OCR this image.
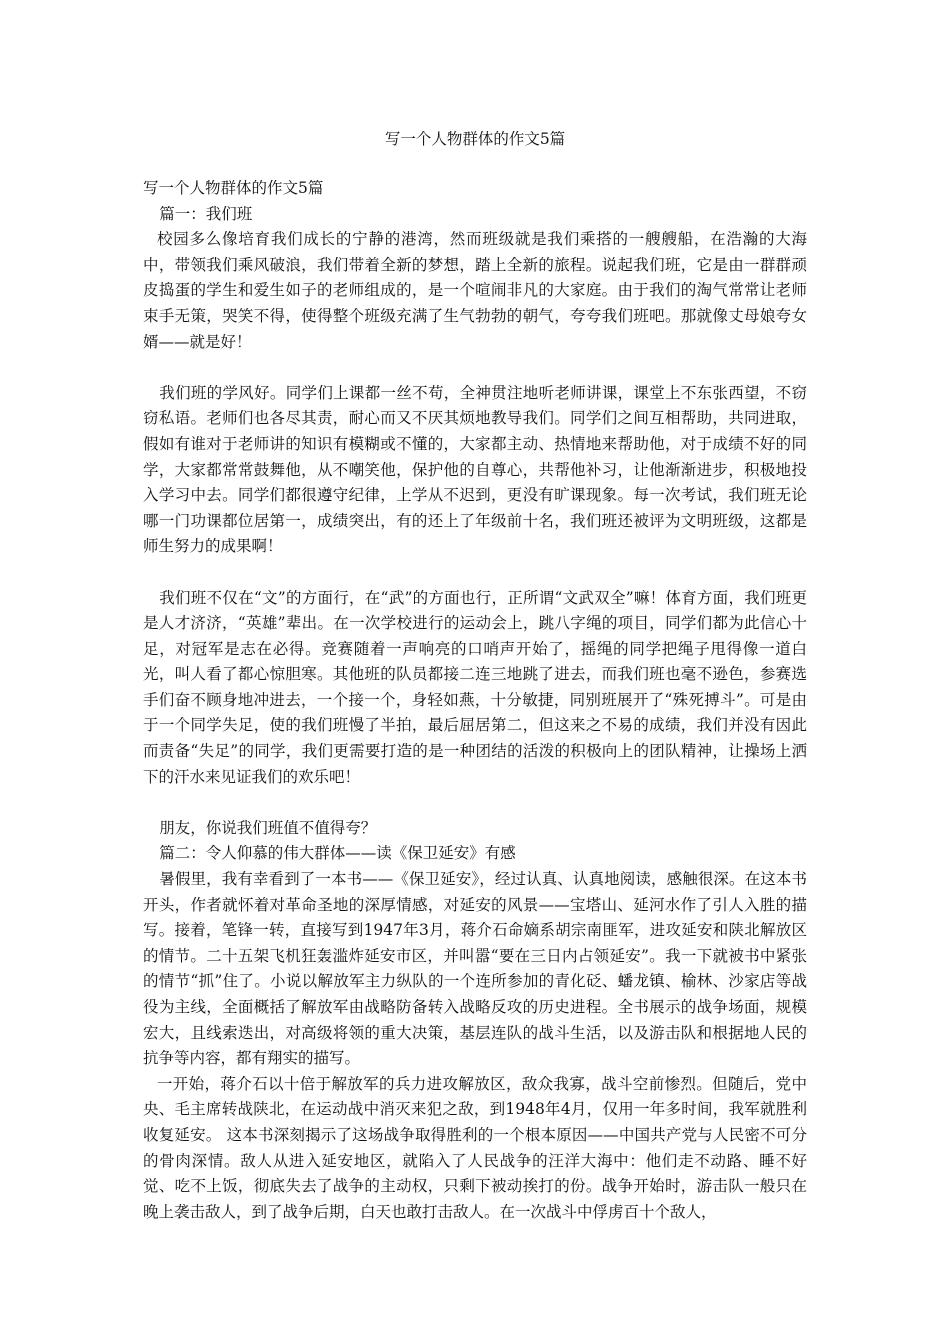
写一个人物群体的作文5篇

写一个人物群体的作文5篇

篇一：我们班

校园多么像培育我们成长的宁静的港湾，然而班级就是我们乘搭的一艘艘船，在浩瀚的大海中，带领我们乘风破浪，我们带着全新的梦想，踏上全新的旅程。说起我们班，它是由一群群顽皮捣蛋的学生和爱生如子的老师组成的，是一个喧闹非凡的大家庭。由于我们的淘气常常让老师束手无策，哭笑不得，使得整个班级充满了生气勃勃的朝气，夸夸我们班吧。那就像丈母娘夸女婿——就是好！

我们班的学风好。同学们上课都一丝不苟，全神贯注地听老师讲课，课堂上不东张西望，不窃窃私语。老师们也各尽其责，耐心而又不厌其烦地教导我们。同学们之间互相帮助，共同进取，假如有谁对于老师讲的知识有模糊或不懂的，大家都主动、热情地来帮助他，对于成绩不好的同学，大家都常常鼓舞他，从不嘲笑他，保护他的自尊心，共帮他补习，让他渐渐进步，积极地投入学习中去。同学们都很遵守纪律，上学从不迟到，更没有旷课现象。每一次考试，我们班无论哪一门功课都位居第一，成绩突出，有的还上了年级前十名，我们班还被评为文明班级，这都是师生努力的成果啊！

我们班不仅在“文”的方面行，在“武”的方面也行，正所谓“文武双全”嘛！体育方面，我们班更是人才济济，“英雄”辈出。在一次学校进行的运动会上，跳八字绳的项目，同学们都为此信心十足，对冠军是志在必得。竞赛随着一声响亮的口哨声开始了，摇绳的同学把绳子甩得像一道白光，叫人看了都心惊胆寒。其他班的队员都接二连三地跳了进去，而我们班也毫不逊色，参赛选手们奋不顾身地冲进去，一个接一个，身轻如燕，十分敏捷，同别班展开了“殊死搏斗”。可是由于一个同学失足，使的我们班慢了半拍，最后屈居第二，但这来之不易的成绩，我们并没有因此而责备“失足”的同学，我们更需要打造的是一种团结的活泼的积极向上的团队精神，让操场上洒下的汗水来见证我们的欢乐吧！

朋友，你说我们班值不值得夸？

篇二：令人仰慕的伟大群体——读《保卫延安》有感

暑假里，我有幸看到了一本书——《保卫延安》，经过认真、认真地阅读，感触很深。在这本书开头，作者就怀着对革命圣地的深厚情感，对延安的风景——宝塔山、延河水作了引人入胜的描写。接着，笔锋一转，直接写到1947年3月，蒋介石命嫡系胡宗南匪军，进攻延安和陕北解放区的情节。二十五架飞机狂轰滥炸延安市区，并叫嚣“要在三日内占领延安”。我一下就被书中紧张的情节“抓”住了。小说以解放军主力纵队的一个连所参加的青化砭、蟠龙镇、榆林、沙家店等战役为主线，全面概括了解放军由战略防备转入战略反攻的历史进程。全书展示的战争场面，规模宏大，且线索迭出，对高级将领的重大决策，基层连队的战斗生活，以及游击队和根据地人民的抗争等内容，都有翔实的描写。

一开始，蒋介石以十倍于解放军的兵力进攻解放区，敌众我寡，战斗空前惨烈。但随后，党中央、毛主席转战陕北，在运动战中消灭来犯之敌，到1948年4月，仅用一年多时间，我军就胜利收复延安。 这本书深刻揭示了这场战争取得胜利的一个根本原因——中国共产党与人民密不可分的骨肉深情。敌人从进入延安地区，就陷入了人民战争的汪洋大海中：他们走不动路、睡不好觉、吃不上饭，彻底失去了战争的主动权，只剩下被动挨打的份。战争开始时，游击队一般只在晚上袭击敌人，到了战争后期，白天也敢打击敌人。在一次战斗中俘虏百十个敌人，
